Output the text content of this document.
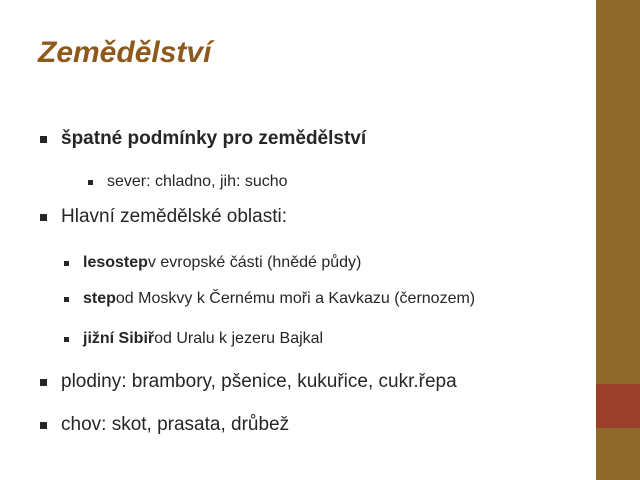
Zemědělství
špatné podmínky pro zemědělství
sever: chladno, jih: sucho
Hlavní zemědělské oblasti:
lesostep v evropské části (hnědé půdy)
step od Moskvy k Černému moři a Kavkazu (černozem)
jižní Sibiř od Uralu k jezeru Bajkal
plodiny: brambory, pšenice, kukuřice, cukr.řepa
chov: skot, prasata, drůbež
